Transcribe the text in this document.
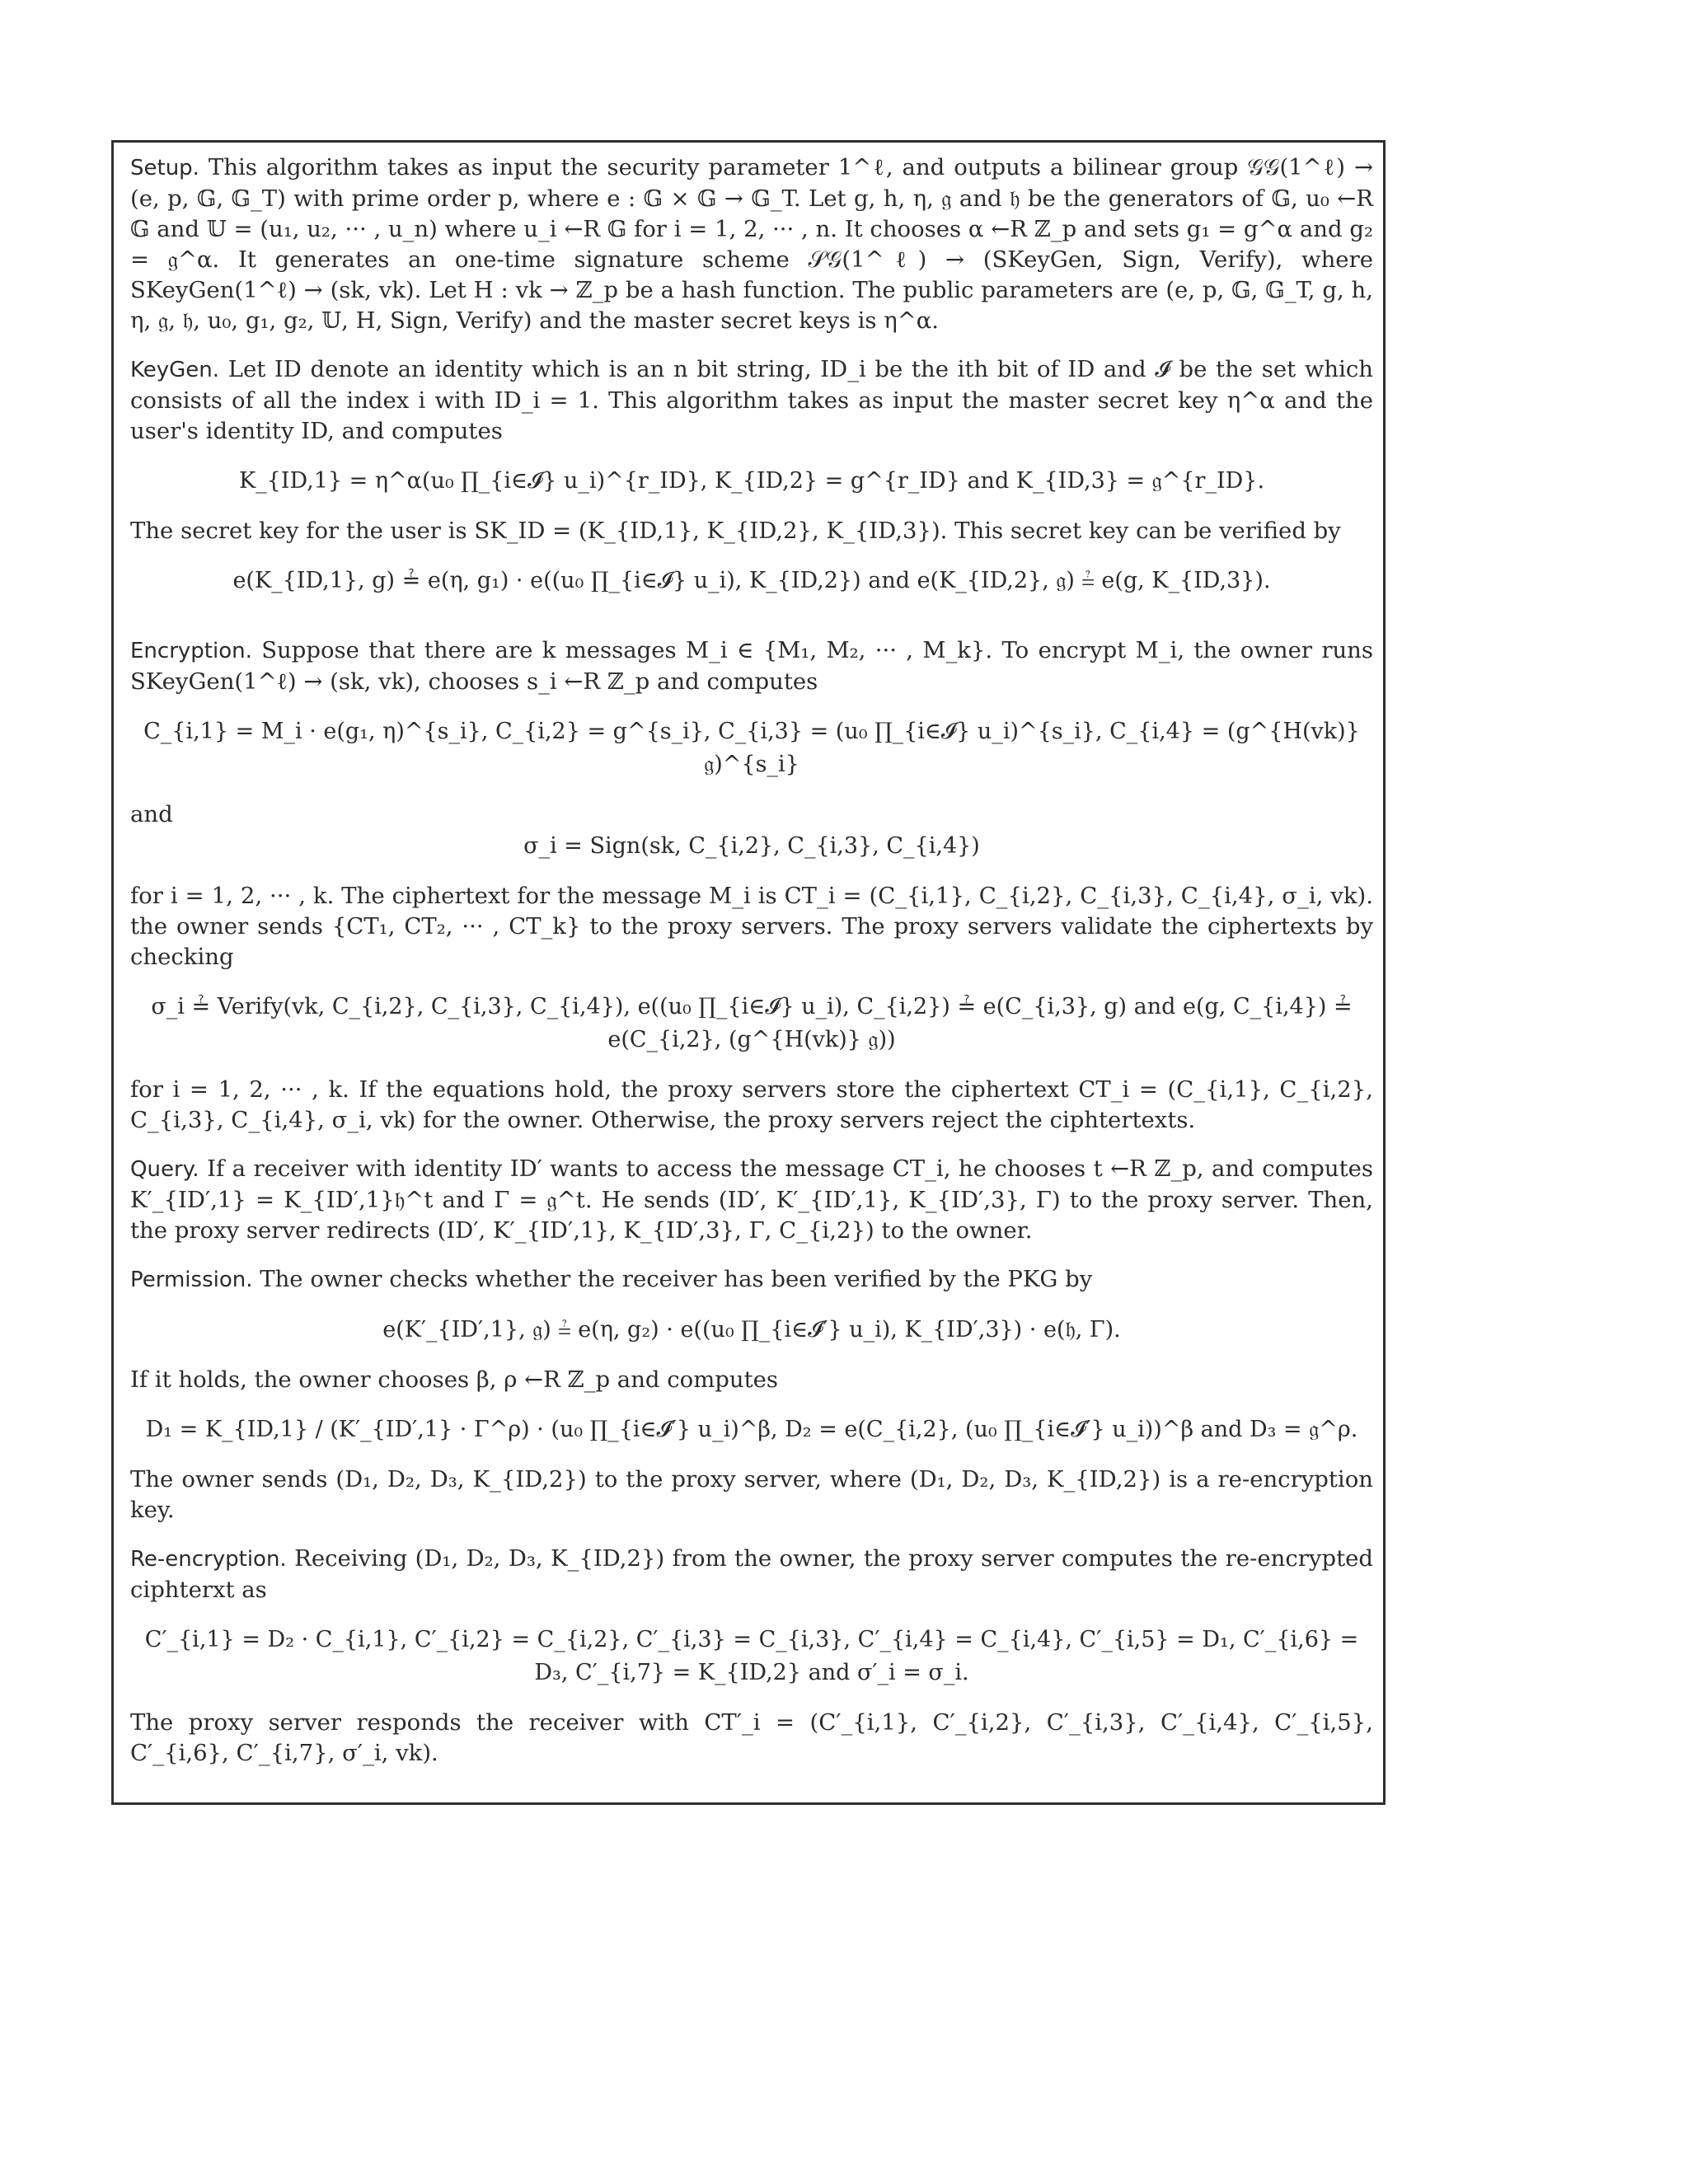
Setup. This algorithm takes as input the security parameter 1^ℓ, and outputs a bilinear group 𝒢𝒢(1^ℓ) → (e, p, 𝔾, 𝔾_T) with prime order p, where e : 𝔾 × 𝔾 → 𝔾_T. Let g, h, η, 𝔤 and 𝔥 be the generators of 𝔾, u₀ ←R 𝔾 and 𝕌 = (u₁, u₂, ··· , u_n) where u_i ←R 𝔾 for i = 1, 2, ··· , n. It chooses α ←R ℤ_p and sets g₁ = g^α and g₂ = 𝔤^α. It generates an one-time signature scheme 𝒮𝒢(1^ℓ) → (SKeyGen, Sign, Verify), where SKeyGen(1^ℓ) → (sk, vk). Let H : vk → ℤ_p be a hash function. The public parameters are (e, p, 𝔾, 𝔾_T, g, h, η, 𝔤, 𝔥, u₀, g₁, g₂, 𝕌, H, Sign, Verify) and the master secret keys is η^α.

KeyGen. Let ID denote an identity which is an n bit string, ID_i be the ith bit of ID and 𝓘 be the set which consists of all the index i with ID_i = 1. This algorithm takes as input the master secret key η^α and the user's identity ID, and computes

K_{ID,1} = η^α(u₀ ∏_{i∈𝓘} u_i)^{r_ID}, K_{ID,2} = g^{r_ID} and K_{ID,3} = 𝔤^{r_ID}.

The secret key for the user is SK_ID = (K_{ID,1}, K_{ID,2}, K_{ID,3}). This secret key can be verified by

e(K_{ID,1}, g) ≟ e(η, g₁) · e((u₀ ∏_{i∈𝓘} u_i), K_{ID,2}) and e(K_{ID,2}, 𝔤) ≟ e(g, K_{ID,3}).

Encryption. Suppose that there are k messages M_i ∈ {M₁, M₂, ··· , M_k}. To encrypt M_i, the owner runs SKeyGen(1^ℓ) → (sk, vk), chooses s_i ←R ℤ_p and computes

C_{i,1} = M_i · e(g₁, η)^{s_i}, C_{i,2} = g^{s_i}, C_{i,3} = (u₀ ∏_{i∈𝓘} u_i)^{s_i}, C_{i,4} = (g^{H(vk)} 𝔤)^{s_i}

and

σ_i = Sign(sk, C_{i,2}, C_{i,3}, C_{i,4})

for i = 1, 2, ··· , k. The ciphertext for the message M_i is CT_i = (C_{i,1}, C_{i,2}, C_{i,3}, C_{i,4}, σ_i, vk). the owner sends {CT₁, CT₂, ··· , CT_k} to the proxy servers. The proxy servers validate the ciphertexts by checking

σ_i ≟ Verify(vk, C_{i,2}, C_{i,3}, C_{i,4}), e((u₀ ∏_{i∈𝓘} u_i), C_{i,2}) ≟ e(C_{i,3}, g) and e(g, C_{i,4}) ≟ e(C_{i,2}, (g^{H(vk)} 𝔤))

for i = 1, 2, ··· , k. If the equations hold, the proxy servers store the ciphertext CT_i = (C_{i,1}, C_{i,2}, C_{i,3}, C_{i,4}, σ_i, vk) for the owner. Otherwise, the proxy servers reject the ciphtertexts.

Query. If a receiver with identity ID′ wants to access the message CT_i, he chooses t ←R ℤ_p, and computes K′_{ID′,1} = K_{ID′,1}𝔥^t and Γ = 𝔤^t. He sends (ID′, K′_{ID′,1}, K_{ID′,3}, Γ) to the proxy server. Then, the proxy server redirects (ID′, K′_{ID′,1}, K_{ID′,3}, Γ, C_{i,2}) to the owner.

Permission. The owner checks whether the receiver has been verified by the PKG by

e(K′_{ID′,1}, 𝔤) ≟ e(η, g₂) · e((u₀ ∏_{i∈𝓘′} u_i), K_{ID′,3}) · e(𝔥, Γ).

If it holds, the owner chooses β, ρ ←R ℤ_p and computes

D₁ = K_{ID,1} / (K′_{ID′,1} · Γ^ρ) · (u₀ ∏_{i∈𝓘′} u_i)^β, D₂ = e(C_{i,2}, (u₀ ∏_{i∈𝓘′} u_i))^β and D₃ = 𝔤^ρ.

The owner sends (D₁, D₂, D₃, K_{ID,2}) to the proxy server, where (D₁, D₂, D₃, K_{ID,2}) is a re-encryption key.

Re-encryption. Receiving (D₁, D₂, D₃, K_{ID,2}) from the owner, the proxy server computes the re-encrypted ciphterxt as

C′_{i,1} = D₂ · C_{i,1}, C′_{i,2} = C_{i,2}, C′_{i,3} = C_{i,3}, C′_{i,4} = C_{i,4}, C′_{i,5} = D₁, C′_{i,6} = D₃, C′_{i,7} = K_{ID,2} and σ′_i = σ_i.

The proxy server responds the receiver with CT′_i = (C′_{i,1}, C′_{i,2}, C′_{i,3}, C′_{i,4}, C′_{i,5}, C′_{i,6}, C′_{i,7}, σ′_i, vk).
